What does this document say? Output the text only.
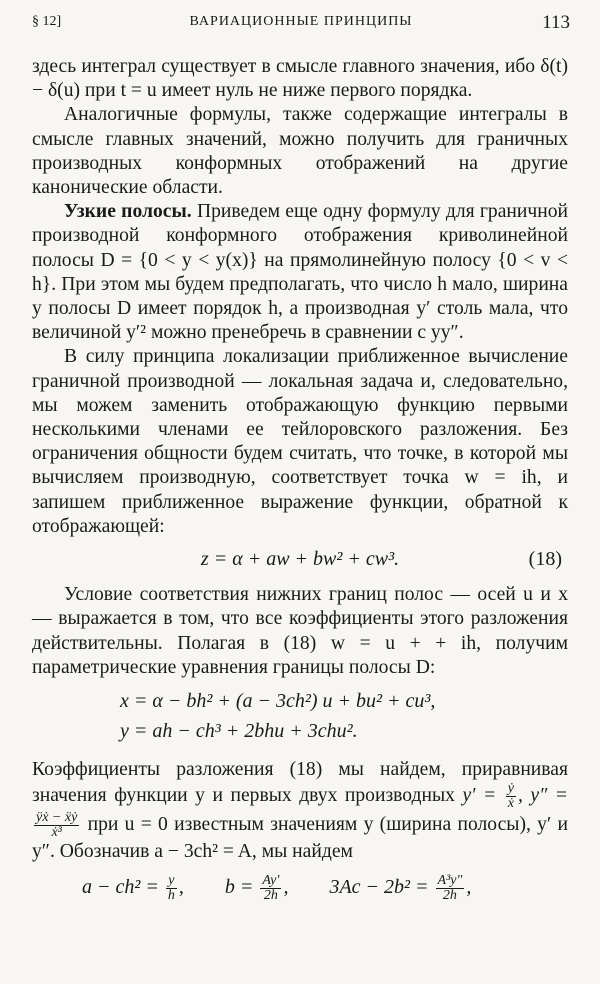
§ 12]	ВАРИАЦИОННЫЕ ПРИНЦИПЫ	113

здесь интеграл существует в смысле главного значения, ибо δ(t) − δ(u) при t = u имеет нуль не ниже первого порядка.

Аналогичные формулы, также содержащие интегралы в смысле главных значений, можно получить для граничных производных конформных отображений на другие канонические области.

Узкие полосы. Приведем еще одну формулу для граничной производной конформного отображения криволинейной полосы D = {0 < y < y(x)} на прямолинейную полосу {0 < v < h}. При этом мы будем предполагать, что число h мало, ширина y полосы D имеет порядок h, а производная y′ столь мала, что величиной y′² можно пренебречь в сравнении с yy″.

В силу принципа локализации приближенное вычисление граничной производной — локальная задача и, следовательно, мы можем заменить отображающую функцию первыми несколькими членами ее тейлоровского разложения. Без ограничения общности будем считать, что точке, в которой мы вычисляем производную, соответствует точка w = ih, и запишем приближенное выражение функции, обратной к отображающей:

z = α + aw + bw² + cw³.	(18)

Условие соответствия нижних границ полос — осей u и x — выражается в том, что все коэффициенты этого разложения действительны. Полагая в (18) w = u + + ih, получим параметрические уравнения границы полосы D:

x = α − bh² + (a − 3ch²) u + bu² + cu³,
y = ah − ch³ + 2bhu + 3chu².

Коэффициенты разложения (18) мы найдем, приравнивая значения функции y и первых двух производных $y' = \frac{\text{ẏ}}{\text{ẋ}}$ , y″ =
$\frac{\text{ÿẋ − ẍẏ}}{\text{ẋ³}}$ при u = 0 известным значениям y (ширина полосы), y′ и y″. Обозначив a − 3ch² = A, мы найдем

$a - ch^2 = \frac{y}{h}$ , $b = \frac{Ay'}{2h}$ , $3Ac - 2b^2 = \frac{\text{A³y″}}{2h}$ ,
